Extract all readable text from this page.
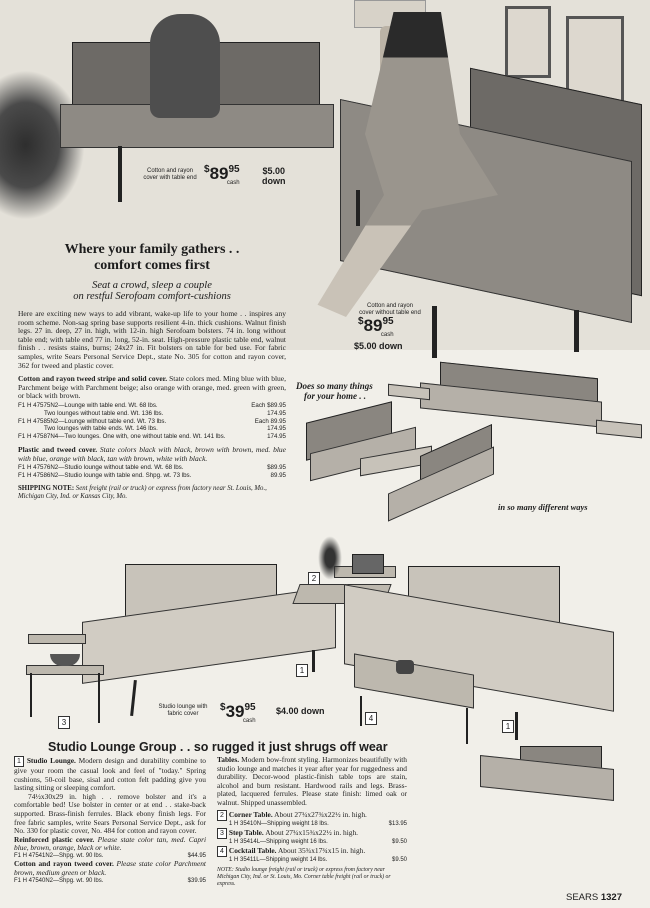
Cotton and rayon
cover with table end
$^{\$}89^{95}$
cash
$5.00
down
Cotton and rayon
cover without table end
$^{\$}89^{95}$
cash
$5.00 down
Where your family gathers . .
comfort comes first
Seat a crowd, sleep a couple
on restful Serofoam comfort-cushions
Here are exciting new ways to add vibrant, wake-up life to your home . . inspires any room scheme. Non-sag spring base supports resilient 4-in. thick cushions. Walnut finish legs. 27 in. deep, 27 in. high, with 12-in. high Serofoam bolsters. 74 in. long without table end; with table end 77 in. long, 52-in. seat. High-pressure plastic table end, walnut finish . . resists stains, burns; 24x27 in. Fit bolsters on table for bed use. For fabric samples, write Sears Personal Service Dept., state No. 305 for cotton and rayon cover, 362 for tweed and plastic cover.
Cotton and rayon tweed stripe and solid cover. State colors med. Ming blue with blue, Parchment beige with Parchment beige; also orange with orange, med. green with green, or black with brown.
F1 H 47575N2—Lounge with table end. Wt. 68 lbs.	Each $89.95
Two lounges without table end. Wt. 136 lbs.	174.95
F1 H 47585N2—Lounge without table end. Wt. 73 lbs.	Each 89.95
Two lounges with table ends. Wt. 146 lbs.	174.95
F1 H 47587N4—Two lounges. One with, one without table end. Wt. 141 lbs.	174.95
Plastic and tweed cover. State colors black with black, brown with brown, med. blue with blue, orange with black, tan with brown, white with black.
F1 H 47576N2—Studio lounge without table end. Wt. 68 lbs.	$89.95
F1 H 47586N2—Studio lounge with table end. Shpg. wt. 73 lbs.	89.95
SHIPPING NOTE: Sent freight (rail or truck) or express from factory near St. Louis, Mo., Michigan City, Ind. or Kansas City, Mo.
Does so many things
for your home . .
in so many different ways
1
1
2
3	4
Studio lounge with
fabric cover
$^{\$}39^{95}$
cash
$4.00 down
Studio Lounge Group . . so rugged it just shrugs off wear
1 Studio Lounge. Modern design and durability combine to give your room the casual look and feel of "today." Spring cushions, 50-coil base, sisal and cotton felt padding give you lasting sitting or sleeping comfort.
74½x30x29 in. high . . remove bolster and it's a comfortable bed! Use bolster in center or at end . . stake-back supported. Brass-finish ferrules. Black ebony finish legs. For free fabric samples, write Sears Personal Service Dept., ask for No. 330 for plastic cover, No. 484 for cotton and rayon cover.
Reinforced plastic cover. Please state color tan, med. Capri blue, brown, orange, black or white.
F1 H 47541N2—Shpg. wt. 90 lbs.	$44.95
Cotton and rayon tweed cover. Please state color Parchment brown, medium green or black.
F1 H 47540N2—Shpg. wt. 90 lbs.	$39.95
Tables. Modern bow-front styling. Harmonizes beautifully with studio lounge and matches it year after year for ruggedness and durability. Decor-wood plastic-finish table tops are stain, alcohol and burn resistant. Hardwood rails and legs. Brass-plated, lacquered ferrules. Please state finish: limed oak or walnut. Shipped unassembled.
2 Corner Table. About 27¾x27¾x22½ in. high.
1 H 35410N—Shipping weight 18 lbs.	$13.95
3 Step Table. About 27¾x15¾x22½ in. high.
1 H 35414L—Shipping weight 16 lbs.	$9.50
4 Cocktail Table. About 35¾x17¾x15 in. high.
1 H 35411L—Shipping weight 14 lbs.	$9.50
NOTE: Studio lounge freight (rail or truck) or express from factory near Michigan City, Ind. or St. Louis, Mo. Corner table freight (rail or truck) or express.
SEARS 1327
